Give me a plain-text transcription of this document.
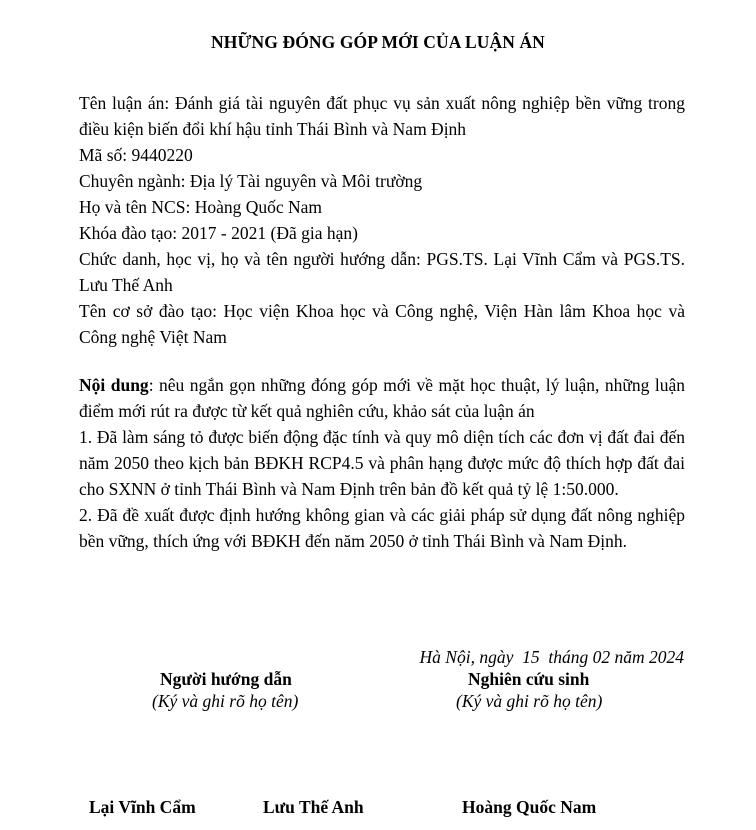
NHỮNG ĐÓNG GÓP MỚI CỦA LUẬN ÁN

Tên luận án: Đánh giá tài nguyên đất phục vụ sản xuất nông nghiệp bền vững trong điều kiện biến đổi khí hậu tỉnh Thái Bình và Nam Định

Mã số: 9440220

Chuyên ngành: Địa lý Tài nguyên và Môi trường

Họ và tên NCS: Hoàng Quốc Nam

Khóa đào tạo: 2017 - 2021 (Đã gia hạn)

Chức danh, học vị, họ và tên người hướng dẫn: PGS.TS. Lại Vĩnh Cẩm và PGS.TS. Lưu Thế Anh

Tên cơ sở đào tạo: Học viện Khoa học và Công nghệ, Viện Hàn lâm Khoa học và Công nghệ Việt Nam

Nội dung: nêu ngắn gọn những đóng góp mới về mặt học thuật, lý luận, những luận điểm mới rút ra được từ kết quả nghiên cứu, khảo sát của luận án

1. Đã làm sáng tỏ được biến động đặc tính và quy mô diện tích các đơn vị đất đai đến năm 2050 theo kịch bản BĐKH RCP4.5 và phân hạng được mức độ thích hợp đất đai cho SXNN ở tỉnh Thái Bình và Nam Định trên bản đồ kết quả tỷ lệ 1:50.000.

2. Đã đề xuất được định hướng không gian và các giải pháp sử dụng đất nông nghiệp bền vững, thích ứng với BĐKH đến năm 2050 ở tỉnh Thái Bình và Nam Định.

Hà Nội, ngày  15  tháng 02 năm 2024
Người hướng dẫn
(Ký và ghi rõ họ tên)
Nghiên cứu sinh
(Ký và ghi rõ họ tên)
Lại Vĩnh Cẩm	Lưu Thế Anh	Hoàng Quốc Nam
